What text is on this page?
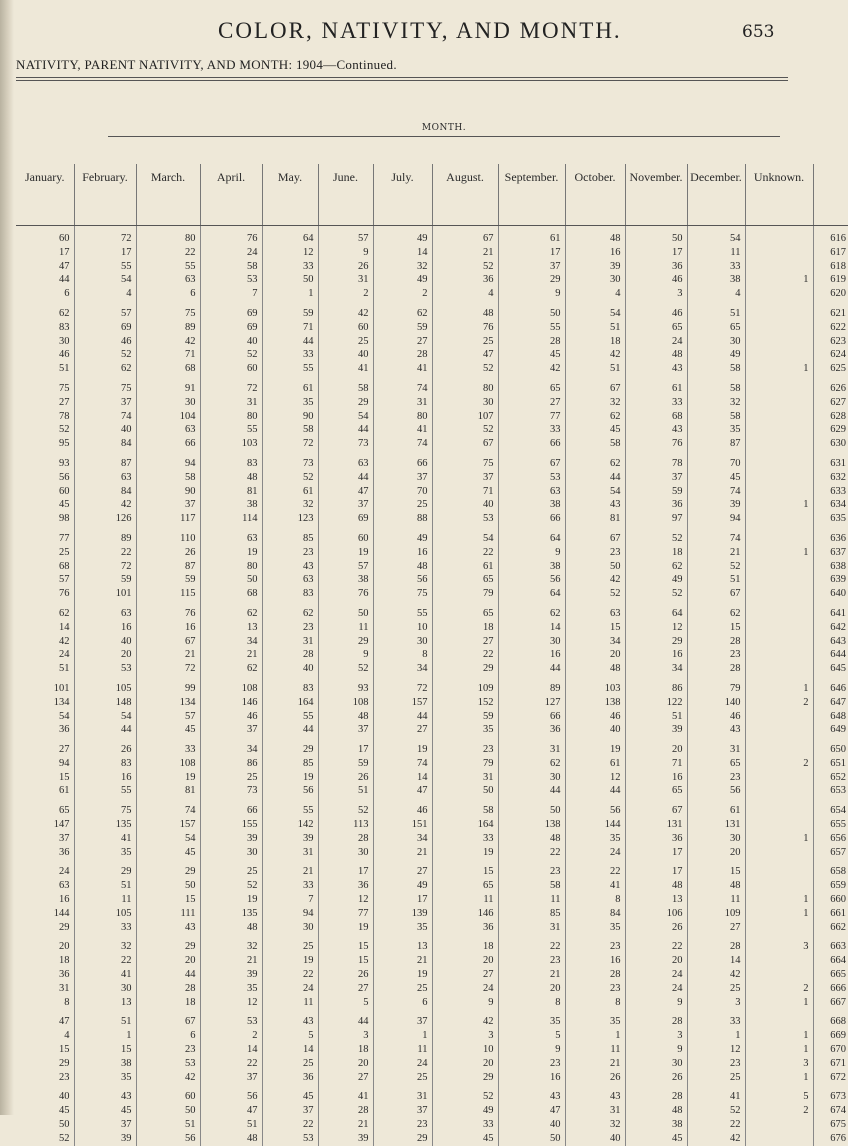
COLOR, NATIVITY, AND MONTH.	653
NATIVITY, PARENT NATIVITY, AND MONTH: 1904—Continued.
MONTH.
January.	February.	March.	April.	May.	June.	July.	August.	September.	October.	November.	December.	Unknown.	

60	72	80	76	64	57	49	67	61	48	50	54		616
17	17	22	24	12	9	14	21	17	16	17	11		617
47	55	55	58	33	26	32	52	37	39	36	33		618
44	54	63	53	50	31	49	36	29	30	46	38	1	619
6	4	6	7	1	2	2	4	9	4	3	4		620

62	57	75	69	59	42	62	48	50	54	46	51		621
83	69	89	69	71	60	59	76	55	51	65	65		622
30	46	42	40	44	25	27	25	28	18	24	30		623
46	52	71	52	33	40	28	47	45	42	48	49		624
51	62	68	60	55	41	41	52	42	51	43	58	1	625

75	75	91	72	61	58	74	80	65	67	61	58		626
27	37	30	31	35	29	31	30	27	32	33	32		627
78	74	104	80	90	54	80	107	77	62	68	58		628
52	40	63	55	58	44	41	52	33	45	43	35		629
95	84	66	103	72	73	74	67	66	58	76	87		630

93	87	94	83	73	63	66	75	67	62	78	70		631
56	63	58	48	52	44	37	37	53	44	37	45		632
60	84	90	81	61	47	70	71	63	54	59	74		633
45	42	37	38	32	37	25	40	38	43	36	39	1	634
98	126	117	114	123	69	88	53	66	81	97	94		635

77	89	110	63	85	60	49	54	64	67	52	74		636
25	22	26	19	23	19	16	22	9	23	18	21	1	637
68	72	87	80	43	57	48	61	38	50	62	52		638
57	59	59	50	63	38	56	65	56	42	49	51		639
76	101	115	68	83	76	75	79	64	52	52	67		640

62	63	76	62	62	50	55	65	62	63	64	62		641
14	16	16	13	23	11	10	18	14	15	12	15		642
42	40	67	34	31	29	30	27	30	34	29	28		643
24	20	21	21	28	9	8	22	16	20	16	23		644
51	53	72	62	40	52	34	29	44	48	34	28		645

101	105	99	108	83	93	72	109	89	103	86	79	1	646
134	148	134	146	164	108	157	152	127	138	122	140	2	647
54	54	57	46	55	48	44	59	66	46	51	46		648
36	44	45	37	44	37	27	35	36	40	39	43		649

27	26	33	34	29	17	19	23	31	19	20	31		650
94	83	108	86	85	59	74	79	62	61	71	65	2	651
15	16	19	25	19	26	14	31	30	12	16	23		652
61	55	81	73	56	51	47	50	44	44	65	56		653

65	75	74	66	55	52	46	58	50	56	67	61		654
147	135	157	155	142	113	151	164	138	144	131	131		655
37	41	54	39	39	28	34	33	48	35	36	30	1	656
36	35	45	30	31	30	21	19	22	24	17	20		657

24	29	29	25	21	17	27	15	23	22	17	15		658
63	51	50	52	33	36	49	65	58	41	48	48		659
16	11	15	19	7	12	17	11	11	8	13	11	1	660
144	105	111	135	94	77	139	146	85	84	106	109	1	661
29	33	43	48	30	19	35	36	31	35	26	27		662

20	32	29	32	25	15	13	18	22	23	22	28	3	663
18	22	20	21	19	15	21	20	23	16	20	14		664
36	41	44	39	22	26	19	27	21	28	24	42		665
31	30	28	35	24	27	25	24	20	23	24	25	2	666
8	13	18	12	11	5	6	9	8	8	9	3	1	667

47	51	67	53	43	44	37	42	35	35	28	33		668
4	1	6	2	5	3	1	3	5	1	3	1	1	669
15	15	23	14	14	18	11	10	9	11	9	12	1	670
29	38	53	22	25	20	24	20	23	21	30	23	3	671
23	35	42	37	36	27	25	29	16	26	26	25	1	672

40	43	60	56	45	41	31	52	43	43	28	41	5	673
45	45	50	47	37	28	37	49	47	31	48	52	2	674
50	37	51	51	22	21	23	33	40	32	38	22		675
52	39	56	48	53	39	29	45	50	40	45	42		676
